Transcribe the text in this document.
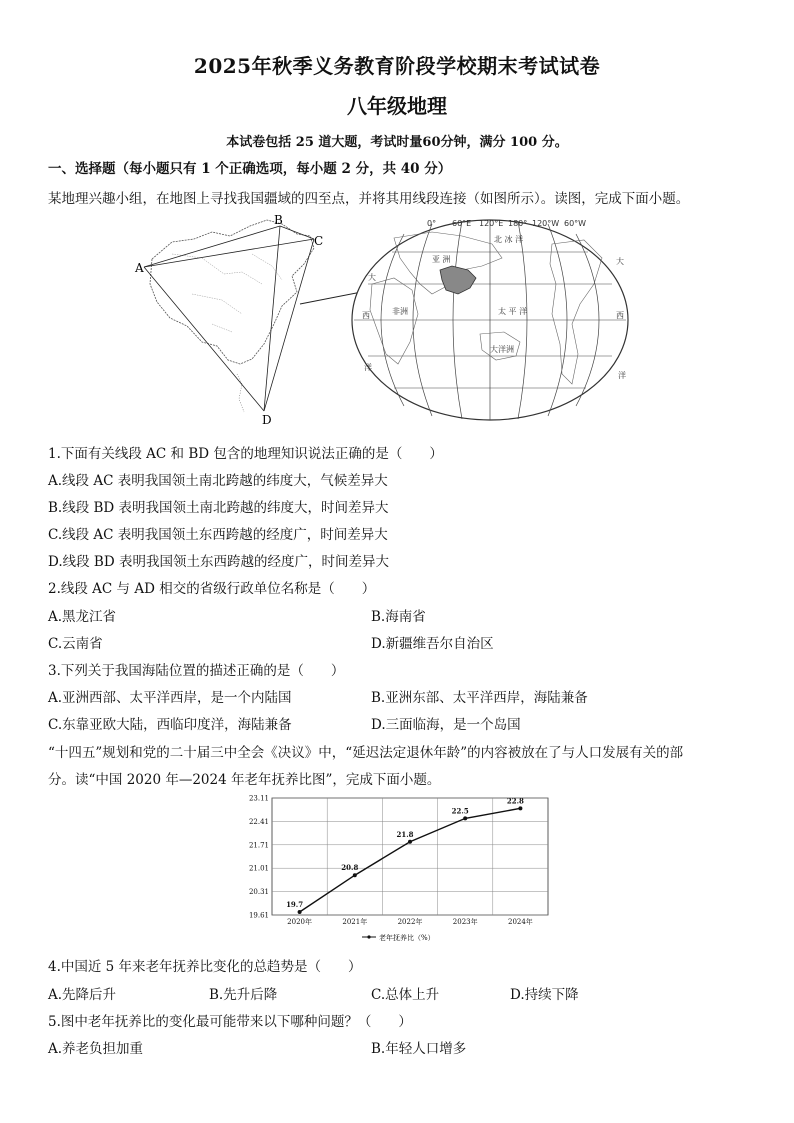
2025年秋季义务教育阶段学校期末考试试卷
八年级地理
本试卷包括 25 道大题，考试时量60分钟，满分 100 分。
一、选择题（每小题只有 1 个正确选项，每小题 2 分，共 40 分）
某地理兴趣小组，在地图上寻找我国疆域的四至点，并将其用线段连接（如图所示）。读图，完成下面小题。
A
B
C
D
0° 60°E 120°E 180° 120°W 60°W
北 冰 洋
亚 洲
太 平 洋
非洲
大洋洲
大
大
西	西
洋
洋
1.下面有关线段 AC 和 BD 包含的地理知识说法正确的是（　　）
A.线段 AC 表明我国领土南北跨越的纬度大，气候差异大
B.线段 BD 表明我国领土南北跨越的纬度大，时间差异大
C.线段 AC 表明我国领土东西跨越的经度广，时间差异大
D.线段 BD 表明我国领土东西跨越的经度广，时间差异大
2.线段 AC 与 AD 相交的省级行政单位名称是（　　）
A.黑龙江省	B.海南省
C.云南省	D.新疆维吾尔自治区
3.下列关于我国海陆位置的描述正确的是（　　）
A.亚洲西部、太平洋西岸，是一个内陆国	B.亚洲东部、太平洋西岸，海陆兼备
C.东靠亚欧大陆，西临印度洋，海陆兼备	D.三面临海，是一个岛国
“十四五”规划和党的二十届三中全会《决议》中，“延迟法定退休年龄”的内容被放在了与人口发展有关的部
分。读“中国 2020 年—2024 年老年抚养比图”，完成下面小题。
19.61
20.31
21.01
21.71
22.41
23.11
2020年	2021年	2022年	2023年	2024年
19.7
20.8
21.8
22.5
22.8
老年抚养比（%）
4.中国近 5 年来老年抚养比变化的总趋势是（　　）
A.先降后升	B.先升后降	C.总体上升	D.持续下降
5.图中老年抚养比的变化最可能带来以下哪种问题？（　　）
A.养老负担加重	B.年轻人口增多
